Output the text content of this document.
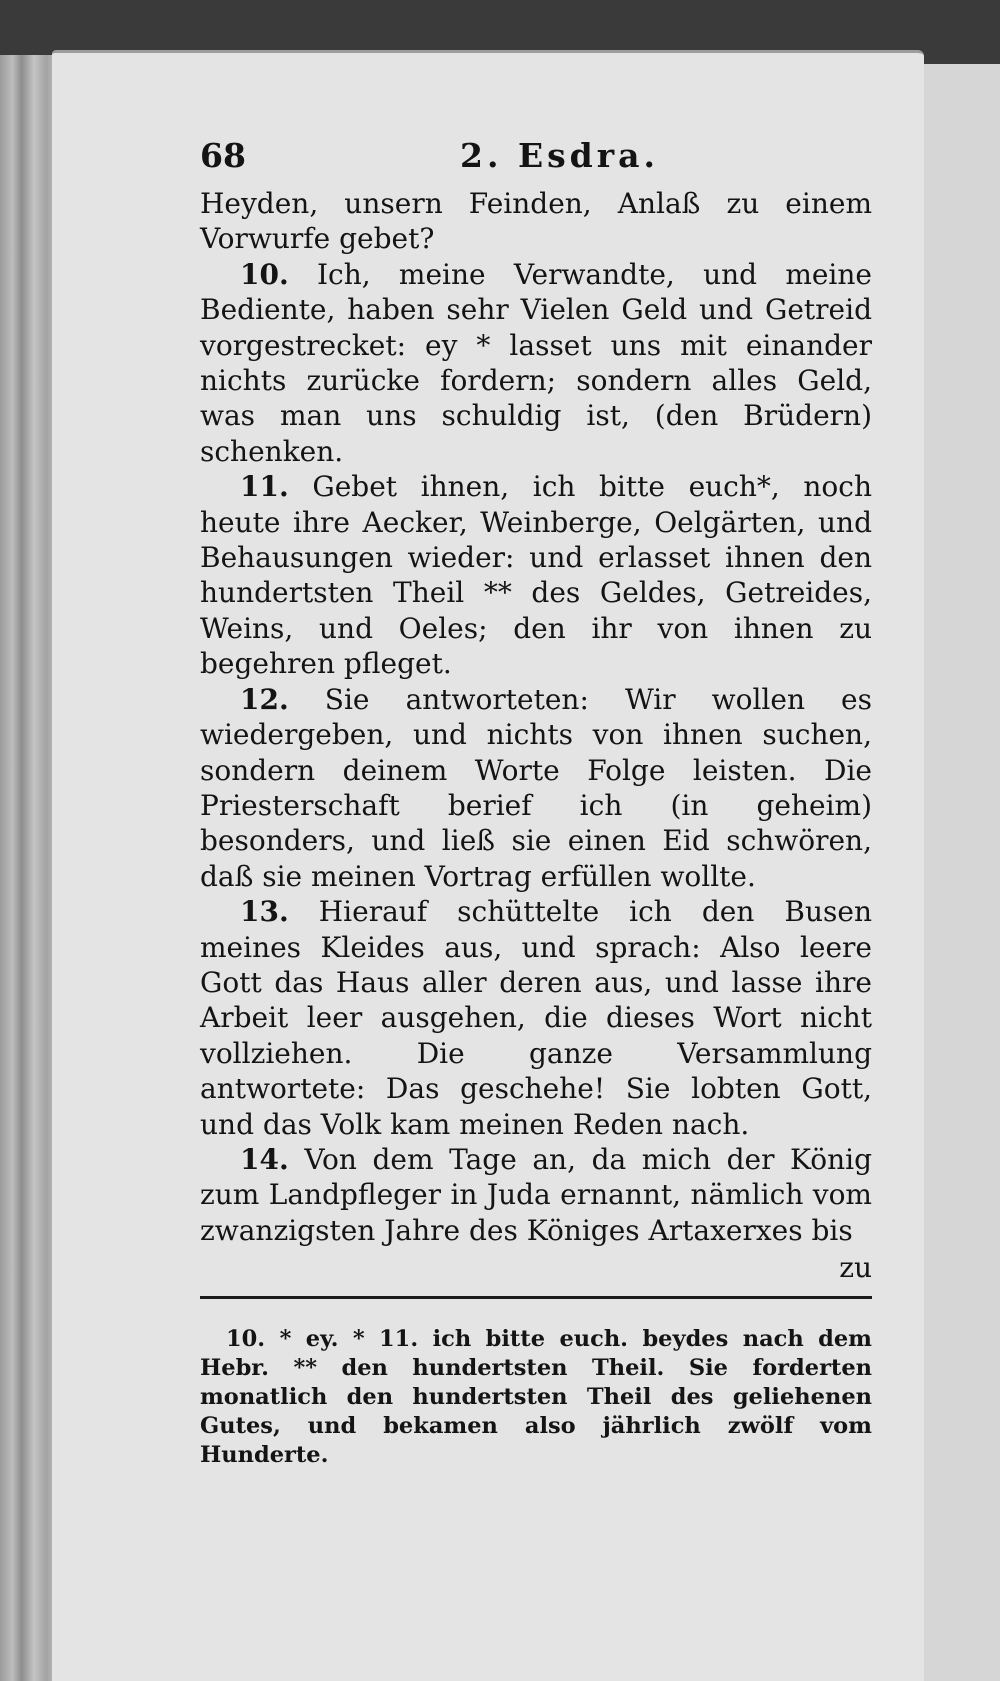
68	2. Esdra.

Heyden, unsern Feinden, Anlaß zu einem Vorwurfe gebet?

10. Ich, meine Verwandte, und meine Bediente, haben sehr Vielen Geld und Getreid vorgestrecket: ey * lasset uns mit einander nichts zurücke fordern; sondern alles Geld, was man uns schuldig ist, (den Brüdern) schenken.

11. Gebet ihnen, ich bitte euch*, noch heute ihre Aecker, Weinberge, Oelgärten, und Behausungen wieder: und erlasset ihnen den hundertsten Theil ** des Geldes, Getreides, Weins, und Oeles; den ihr von ihnen zu begehren pfleget.

12. Sie antworteten: Wir wollen es wiedergeben, und nichts von ihnen suchen, sondern deinem Worte Folge leisten. Die Priesterschaft berief ich (in geheim) besonders, und ließ sie einen Eid schwören, daß sie meinen Vortrag erfüllen wollte.

13. Hierauf schüttelte ich den Busen meines Kleides aus, und sprach: Also leere Gott das Haus aller deren aus, und lasse ihre Arbeit leer ausgehen, die dieses Wort nicht vollziehen. Die ganze Versammlung antwortete: Das geschehe! Sie lobten Gott, und das Volk kam meinen Reden nach.

14. Von dem Tage an, da mich der König zum Landpfleger in Juda ernannt, nämlich vom zwanzigsten Jahre des Königes Artaxerxes bis

zu

10. * ey. * 11. ich bitte euch. beydes nach dem Hebr. ** den hundertsten Theil. Sie forderten monatlich den hundertsten Theil des geliehenen Gutes, und bekamen also jährlich zwölf vom Hunderte.
